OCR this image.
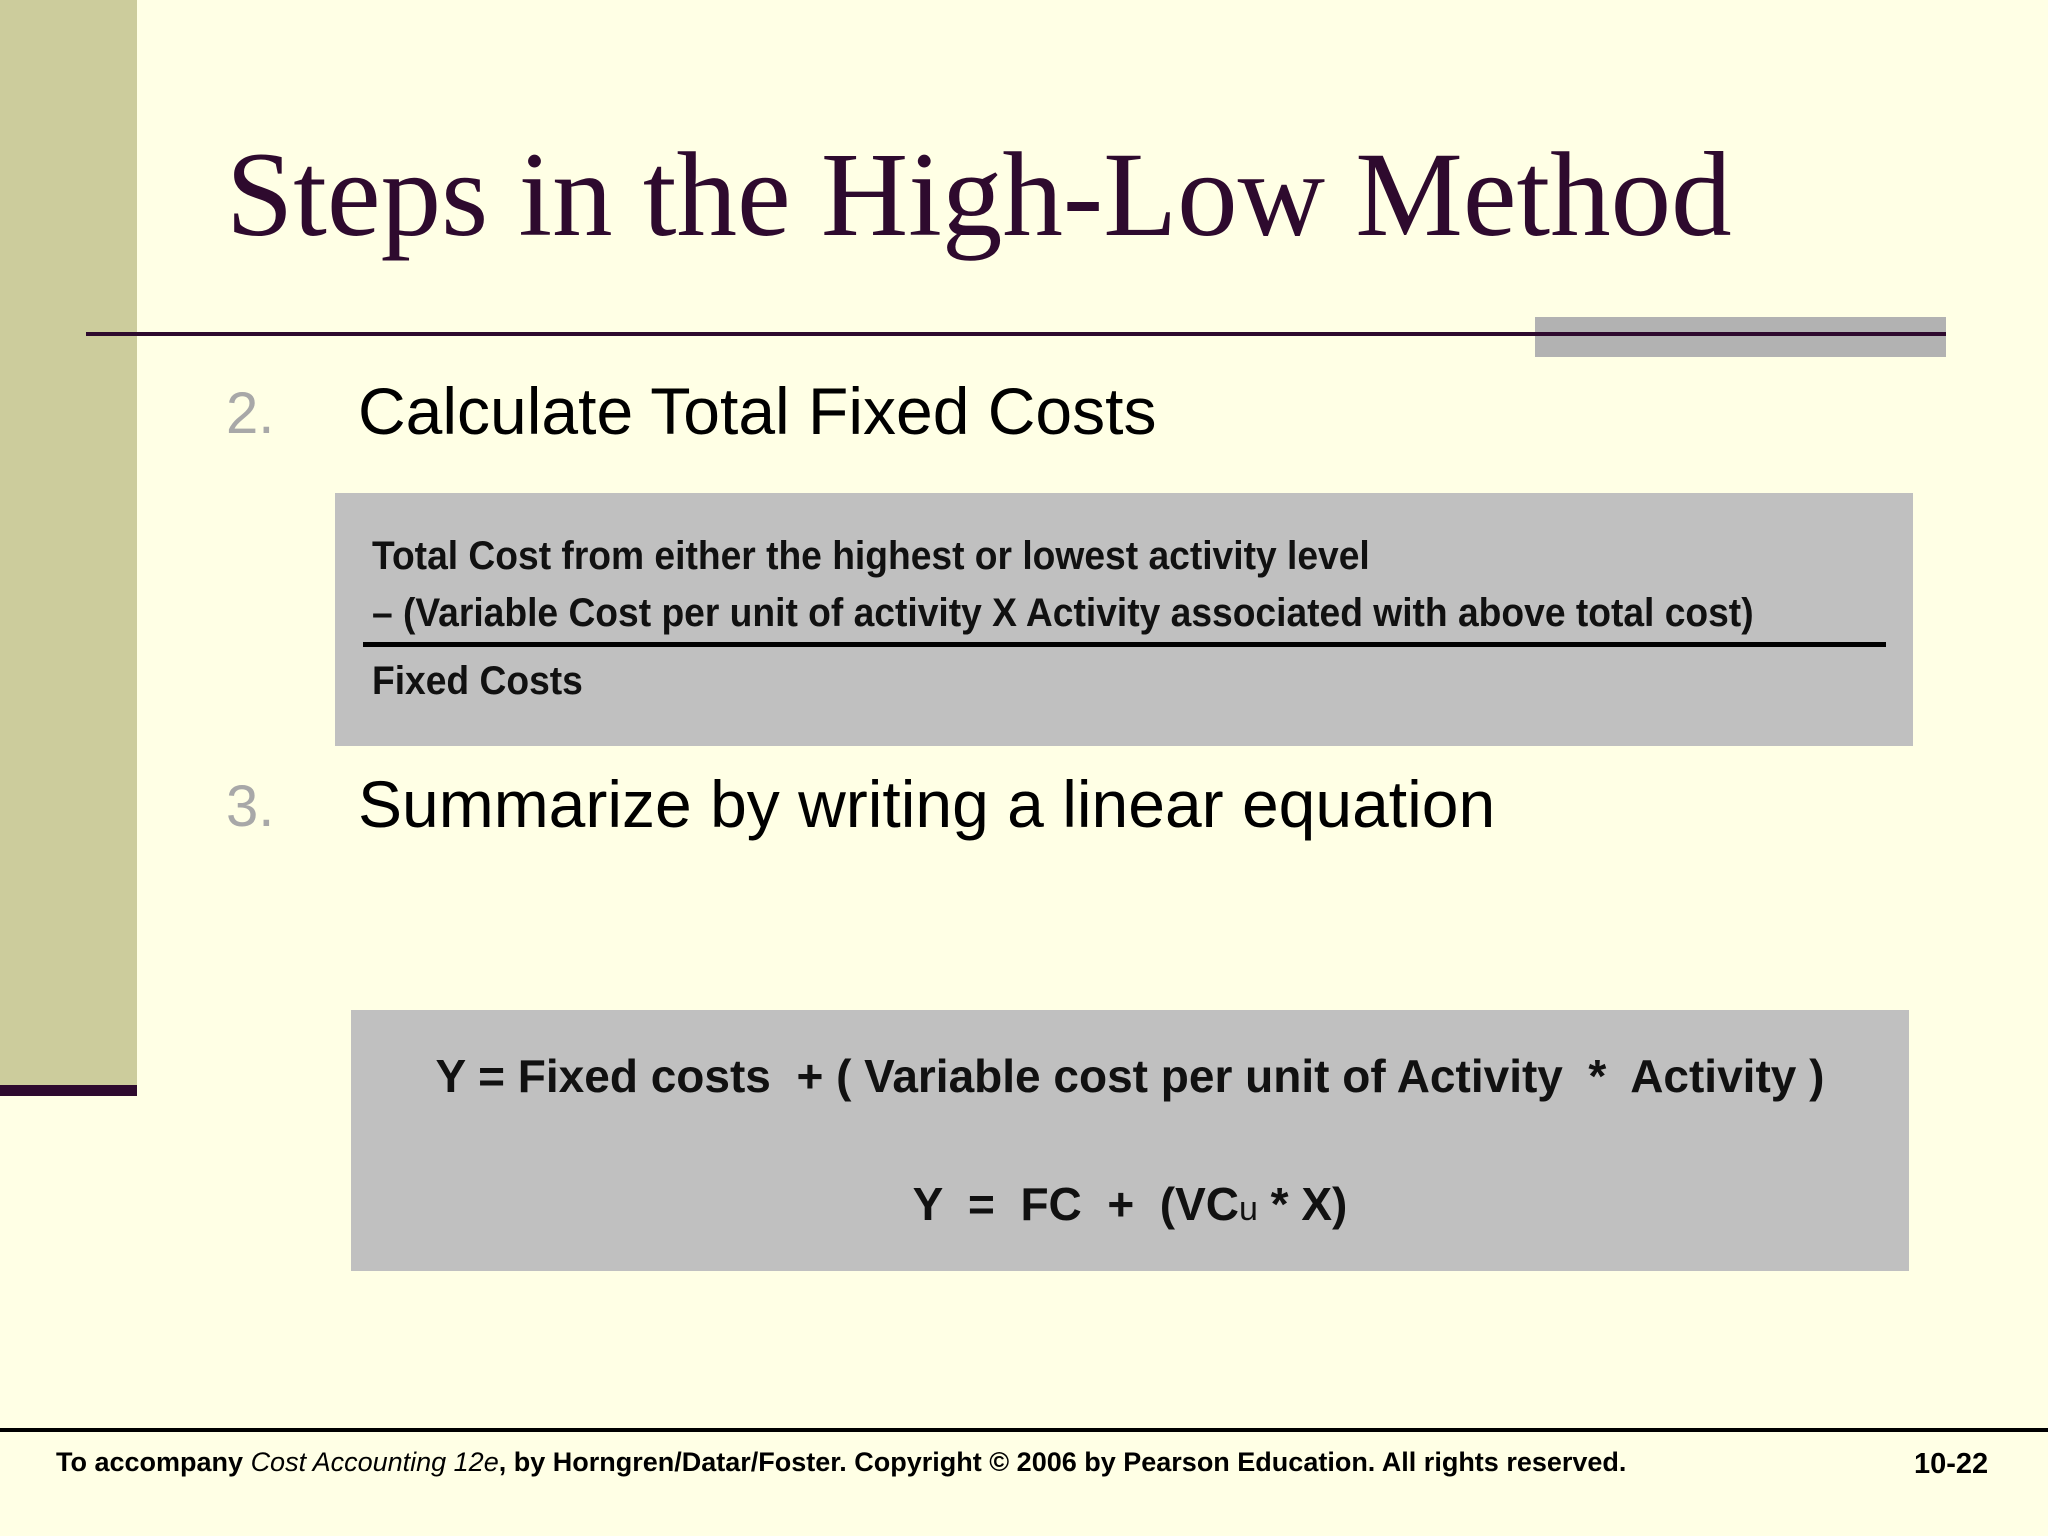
Steps in the High-Low Method
2. Calculate Total Fixed Costs
Total Cost from either the highest or lowest activity level
– (Variable Cost per unit of activity X Activity associated with above total cost)
Fixed Costs
3. Summarize by writing a linear equation
Y = Fixed costs  + ( Variable cost per unit of Activity  *  Activity )
Y  =  FC  +  (VCu * X)
To accompany Cost Accounting 12e, by Horngren/Datar/Foster. Copyright © 2006 by Pearson Education. All rights reserved.	10-22
